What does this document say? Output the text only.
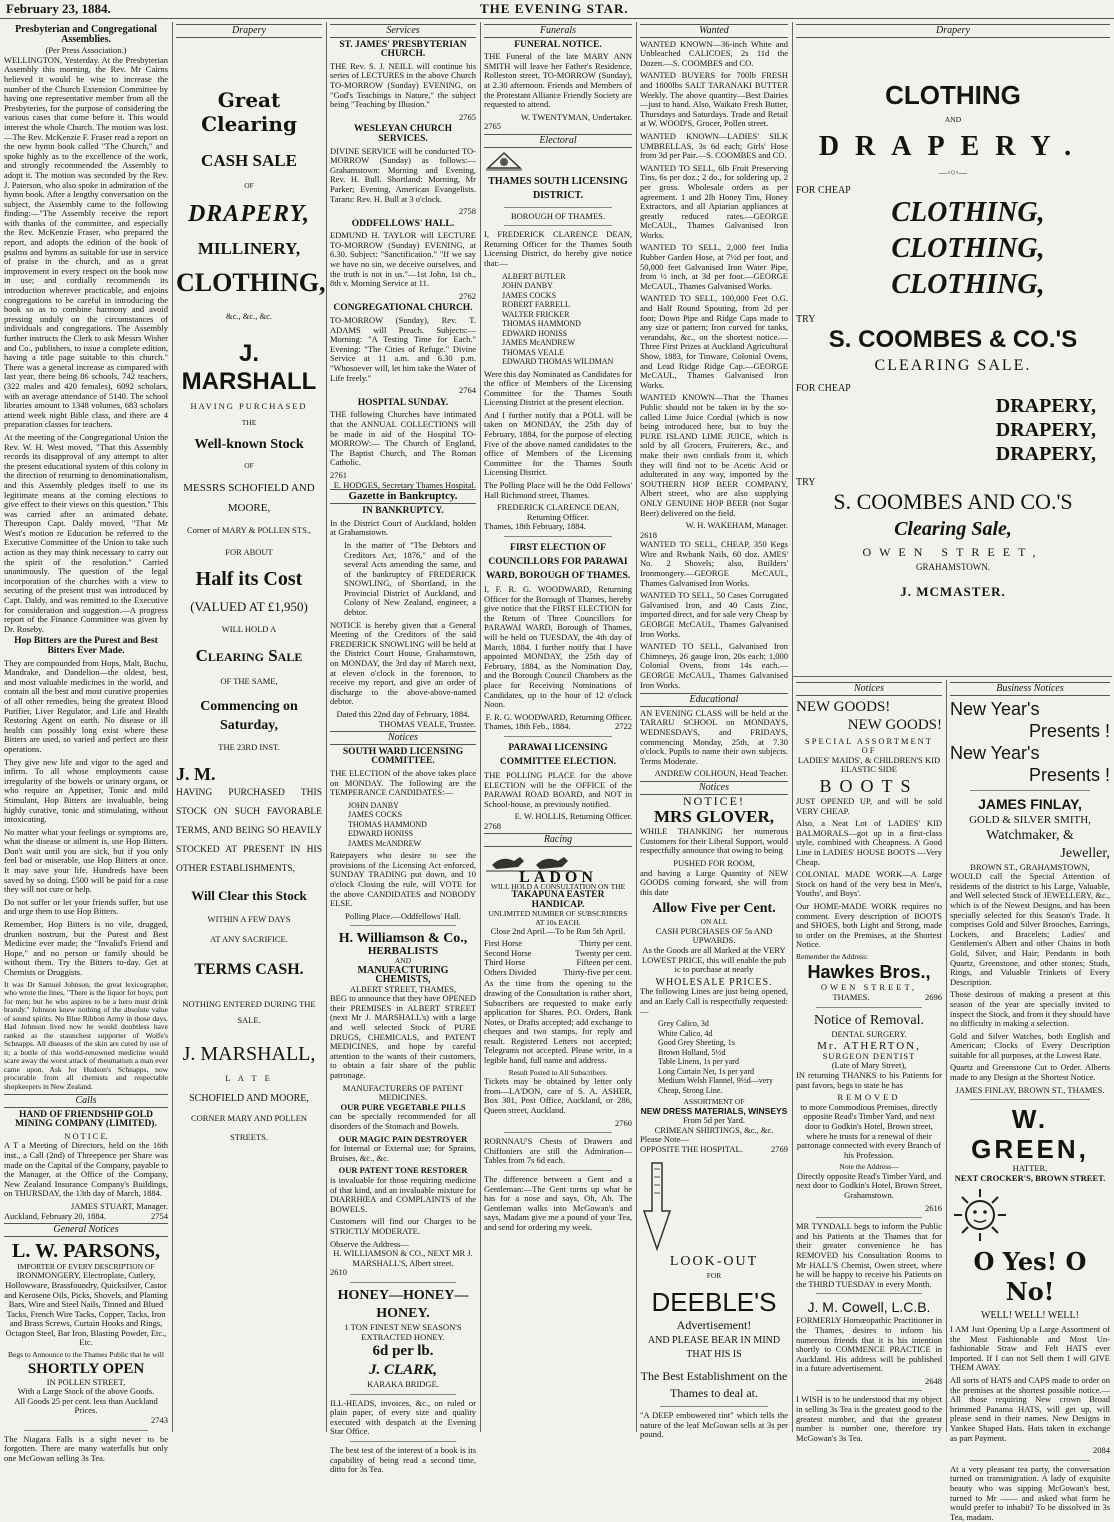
February 23, 1884.	THE EVENING STAR.
Presbyterian and Congregational Assemblies.
(Per Press Association.)

WELLINGTON, Yesterday. At the Presbyterian Assembly this morning, the Rev. Mr Cairns believed it would be wise to increase the number of the Church Extension Committee by having one representative member from all the Presbyteries, for the purpose of considering the various cases that come before it. This would interest the whole Church. The motion was lost.—The Rev. McKenzie F. Fraser read a report on the new hymn book called "The Church," and spoke highly as to the excellence of the work, and strongly recommended the Assembly to adopt it. The motion was seconded by the Rev. J. Paterson, who also spoke in admiration of the hymn book. After a lengthy conversation on the subject, the Assembly came to the following finding:—"The Assembly receive the report with thanks of the committee, and especially the Rev. McKenzie Fraser, who prepared the report, and adopts the edition of the book of psalms and hymns as suitable for use in service of praise in the church, and as a great improvement in every respect on the book now in use; and cordially recommends its introduction wherever practicable, and enjoins congregations to be careful in introducing the book so as to combine harmony and avoid pressing unduly on the circumstances of individuals and congregations. The Assembly further instructs the Clerk to ask Messrs Wisher and Co., publishers, to issue a complete edition, having a title page suitable to this church." There was a general increase as compared with last year, there being 86 schools, 742 teachers, (322 males and 420 females), 6092 scholars, with an average attendance of 5140. The school libraries amount to 1348 volumes, 683 scholars attend week night Bible class, and there are 4 preparation classes for teachers.

At the meeting of the Congregational Union the Rev. W. H. West moved, "That this Assembly records its disapproval of any attempt to alter the present educational system of this colony in the direction of returning to denominationalism, and this Assembly pledges itself to use its legitimate means at the coming elections to give effect to their views on this question." This was carried after an animated debate. Thereupon Capt. Daldy moved, "That Mr West's motion re Education be referred to the Executive Committee of the Union to take such action as they may think necessary to carry out the spirit of the resolution." Carried unanimously. The question of the legal incorporation of the churches with a view to securing of the present trust was introduced by Capt. Daldy, and was remitted to the Executive for consideration and suggestion.—A progress report of the Finance Committee was given by Dr. Roseby.

Hop Bitters are the Purest and Best Bitters Ever Made.

They are compounded from Hops, Malt, Buchu, Mandrake, and Dandelion—the oldest, best, and most valuable medicines in the world, and contain all the best and most curative properties of all other remedies, being the greatest Blood Purifier, Liver Regulator, and Life and Health Restoring Agent on earth. No disease or ill health can possibly long exist where these Bitters are used, so varied and perfect are their operations.

They give new life and vigor to the aged and infirm. To all whose employments cause irregularity of the bowels or urinary organs, or who require an Appetiser, Tonic and mild Stimulant, Hop Bitters are invaluable, being highly curative, tonic and stimulating, without intoxicating.

No matter what your feelings or symptoms are, what the disease or ailment is, use Hop Bitters. Don't wait until you are sick, but if you only feel bad or miserable, use Hop Bitters at once. It may save your life. Hundreds have been saved by so doing. £500 will be paid for a case they will not cure or help.

Do not suffer or let your friends suffer, but use and urge them to use Hop Bitters.

Remember, Hop Bitters is no vile, drugged, drunken nostrum, but the Purest and Best Medicine ever made; the "Invalid's Friend and Hope," and no person or family should be without them. Try the Bitters to-day. Get at Chemists or Druggists.

It was Dr Samuel Johnson, the great lexicographer, who wrote the lines, "There is the liquor for boys; port for men; but he who aspires to be a hero must drink brandy." Johnson knew nothing of the absolute value of sound spirits. No Blue Ribbon Army in those days. Had Johnson lived now he would doubtless have ranked as the staunchest supporter of Wolfe's Schnapps. All diseases of the skin are cured by use of it; a bottle of this world-renowned medicine would scare away the worst attack of rheumatism a man ever came upon. Ask for Hudson's Schnapps, now procurable from all chemists and respectable shopkeepers in New Zealand.

Calls
HAND OF FRIENDSHIP GOLD MINING COMPANY (LIMITED).
N O T I C E.

A T a Meeting of Directors, held on the 16th inst., a Call (2nd) of Threepence per Share was made on the Capital of the Company, payable to the Manager, at the Office of the Company, New Zealand Insurance Company's Buildings, on THURSDAY, the 13th day of March, 1884.

JAMES STUART, Manager.
Auckland, February 20, 1884.	2754
General Notices
L. W. PARSONS,
IMPORTER OF EVERY DESCRIPTION OF

IRONMONGERY, Electroplate, Cutlery, Hollowware, Brassfoundry, Quicksilver, Castor and Kerosene Oils, Picks, Shovels, and Planting Bars, Wire and Steel Nails, Tinned and Blued Tacks, French Wire Tacks, Copper, Tacks, Iron and Brass Screws, Curtain Hooks and Rings, Octagon Steel, Bar Iron, Blasting Powder, Etc., Etc.

Begs to Announce to the Thames Public that he will
SHORTLY OPEN
IN POLLEN STREET,
With a Large Stock of the above Goods.
All Goods 25 per cent. less than Auckland Prices.
2743

The Niagara Falls is a sight never to be forgotten. There are many waterfalls but only one McGowan selling 3s Tea.

Drapery
Great Clearing
CASH SALE
OF
DRAPERY,
MILLINERY,
CLOTHING,
&c., &c., &c.
J. MARSHALL
HAVING PURCHASED
THE
Well-known Stock
OF
MESSRS SCHOFIELD AND MOORE,
Corner of MARY & POLLEN STS.,
FOR ABOUT
Half its Cost
(VALUED AT £1,950)
WILL HOLD A
Clearing Sale
OF THE SAME,
Commencing on Saturday,
THE 23RD INST.
J. M.
HAVING PURCHASED THIS STOCK ON SUCH FAVORABLE TERMS, AND BEING SO HEAVILY STOCKED AT PRESENT IN HIS OTHER ESTABLISHMENTS,
Will Clear this Stock
WITHIN A FEW DAYS
AT ANY SACRIFICE.
TERMS CASH.
NOTHING ENTERED DURING THE SALE.
J. MARSHALL,
L A T E
SCHOFIELD AND MOORE,
CORNER MARY AND POLLEN
STREETS.
Services
ST. JAMES' PRESBYTERIAN CHURCH.

THE Rev. S. J. NEILL will continue his series of LECTURES in the above Church TO-MORROW (Sunday) EVENING, on "God's Teachings in Nature," the subject being "Teaching by Illusion."

2765
WESLEYAN CHURCH SERVICES.

DIVINE SERVICE will be conducted TO-MORROW (Sunday) as follows:—Grahamstown: Morning and Evening, Rev. H. Bull. Shortland: Morning, Mr Parker; Evening, American Evangelists. Tararu: Rev. H. Bull at 3 o'clock.

2758
ODDFELLOWS' HALL.

EDMUND H. TAYLOR will LECTURE TO-MORROW (Sunday) EVENING, at 6.30. Subject: "Sanctification." "If we say we have no sin, we deceive ourselves, and the truth is not in us."—1st John, 1st ch., 8th v. Morning Service at 11.

2762
CONGREGATIONAL CHURCH.

TO-MORROW (Sunday), Rev. T. ADAMS will Preach. Subjects:—Morning: "A Testing Time for Each." Evening: "The Cities of Refuge." Divine Service at 11 a.m. and 6.30 p.m. "Whosoever will, let him take the Water of Life freely."

2764
HOSPITAL SUNDAY.

THE following Churches have intimated that the ANNUAL COLLECTIONS will be made in aid of the Hospital TO-MORROW:— The Church of England, The Baptist Church, and The Roman Catholic.

2761
E. HODGES, Secretary Thames Hospital.
Gazette in Bankruptcy.
IN BANKRUPTCY.

In the District Court of Auckland, holden at Grahamstown.

In the matter of "The Debtors and Creditors Act, 1876," and of the several Acts amending the same, and of the bankruptcy of FREDERICK SNOWLING, of Shortland, in the Provincial District of Auckland, and Colony of New Zealand, engineer, a debtor.

NOTICE is hereby given that a General Meeting of the Creditors of the said FREDERICK SNOWLING will be held at the District Court House, Grahamstown, on MONDAY, the 3rd day of March next, at eleven o'clock in the forenoon, to receive my report, and give an order of discharge to the above-above-named debtor.

Dated this 22nd day of February, 1884.
THOMAS VEALE, Trustee.
Notices
SOUTH WARD LICENSING COMMITTEE.

THE ELECTION of the above takes place on MONDAY. The following are the TEMPERANCE CANDIDATES:—

JOHN DANBY
JAMES COCKS
THOMAS HAMMOND
EDWARD HONISS
JAMES McANDREW

Ratepayers who desire to see the provisions of the Licensing Act enforced, SUNDAY TRADING put down, and 10 o'clock Closing the rule, will VOTE for the above CANDIDATES and NOBODY ELSE.

Polling Place.—Oddfellows' Hall.
H. Williamson & Co.,
HERBALISTS
AND
MANUFACTURING CHEMISTS,
ALBERT STREET, THAMES,

BEG to announce that they have OPENED their PREMISES in ALBERT STREET (next Mr J. MARSHALL's) with a large and well selected Stock of PURE DRUGS, CHEMICALS, and PATENT MEDICINES, and hope by careful attention to the wants of their customers, to obtain a fair share of the public patronage.

MANUFACTURERS OF PATENT MEDICINES.
OUR PURE VEGETABLE PILLS

can be specially recommended for all disorders of the Stomach and Bowels.

OUR MAGIC PAIN DESTROYER

for Internal or External use; for Sprains, Bruises, &c., &c.

OUR PATENT TONE RESTORER

is invaluable for those requiring medicine of that kind, and an invaluable mixture for DIARRHŒA and COMPLAINTS of the BOWELS.

Customers will find our Charges to be STRICTLY MODERATE.

Observe the Address—
H. WILLIAMSON & CO., NEXT MR J. MARSHALL'S, Albert street.
2610
HONEY—HONEY—HONEY.
1 TON FINEST NEW SEASON'S EXTRACTED HONEY.
6d per lb.
J. CLARK,
KARAKA BRIDGE.

ILL-HEADS, invoices, &c., on ruled or plain paper, of every size and quality executed with despatch at the Evening Star Office.

The best test of the interest of a book is its capability of being read a second time, ditto for 3s Tea.

Funerals
FUNERAL NOTICE.

THE Funeral of the late MARY ANN SMITH will leave her Father's Residence, Rolleston street, TO-MORROW (Sunday), at 2.30 afternoon. Friends and Members of the Protestant Alliance Friendly Society are requested to attend.

W. TWENTYMAN, Undertaker.
2765
Electoral
THAMES SOUTH LICENSING DISTRICT.
BOROUGH OF THAMES.

I, FREDERICK CLARENCE DEAN, Returning Officer for the Thames South Licensing District, do hereby give notice that:—

ALBERT BUTLER
JOHN DANBY
JAMES COCKS
ROBERT FARRELL
WALTER FRICKER
THOMAS HAMMOND
EDWARD HONISS
JAMES McANDREW
THOMAS VEALE
EDWARD THOMAS WILDMAN

Were this day Nominated as Candidates for the office of Members of the Licensing Committee for the Thames South Licensing District at the present election.

And I further notify that a POLL will be taken on MONDAY, the 25th day of February, 1884, for the purpose of electing Five of the above named candidates to the office of Members of the Licensing Committee for the Thames South Licensing District.

The Polling Place will be the Odd Fellows' Hall Richmond street, Thames.

FREDERICK CLARENCE DEAN, Returning Officer.
Thames, 18th February, 1884.
FIRST ELECTION OF COUNCILLORS FOR PARAWAI WARD, BOROUGH OF THAMES.

I, F. R. G. WOODWARD, Returning Officer for the Borough of Thames, hereby give notice that the FIRST ELECTION for the Return of Three Councillors for PARAWAI WARD, Borough of Thames, will be held on TUESDAY, the 4th day of March, 1884. I further notify that I have appointed MONDAY, the 25th day of February, 1884, as the Nomination Day, and the Borough Council Chambers as the place for Receiving Nominations of Candidates, up to the hour of 12 o'clock Noon.

F. R. G. WOODWARD, Returning Officer.
Thames, 18th Feb., 1884.	2722
PARAWAI LICENSING COMMITTEE ELECTION.

THE POLLING PLACE for the above ELECTION will be the OFFICE of the PARAWAI ROAD BOARD, and NOT in School-house, as previously notified.

E. W. HOLLIS, Returning Officer.
2768
Racing
LADON
WILL HOLD A CONSULTATION ON THE
TAKAPUNA EASTER HANDICAP.
UNLIMITED NUMBER OF SUBSCRIBERS AT 10s EACH.
Close 2nd April.—To be Run 5th April.
First Horse	Thirty per cent.
Second Horse	Twenty per cent.
Third Horse	Fifteen per cent.
Others Divided	Thirty-five per cent.

As the time from the opening to the drawing of the Consultation is rather short, Subscribers are requested to make early application for Shares. P.O. Orders, Bank Notes, or Drafts accepted; add exchange to cheques and two stamps, for reply and result. Registered Letters not accepted; Telegrams not accepted. Please write, in a legible hand, full name and address.

Result Posted to All Subscribers.

Tickets may be obtained by letter only from—LA'DON, care of S. A. ASHER, Box 301, Post Office, Auckland, or 286, Queen street, Auckland.

2760

RORNNAU'S Chests of Drawers and Chiffoniers are still the Admiration—Tables from 7s 6d each.

The difference between a Gent and a Gentleman:—The Gent turns up what he has for a nose and says, Oh, Ah. The Gentleman walks into McGowan's and says, Madam give me a pound of your Tea, and send for ordering my week.

Wanted

WANTED KNOWN—36-inch White and Unbleached CALICOES, 2s 11d the Dozen.—S. COOMBES and CO.

WANTED BUYERS for 700lb FRESH and 1800lbs SALT TARANAKI BUTTER Weekly. The above quantity—Best Dairies—just to hand. Also, Waikato Fresh Butter, Thursdays and Saturdays. Trade and Retail at W. WOOD'S, Grocer, Pollen street.

WANTED KNOWN—LADIES' SILK UMBRELLAS, 3s 6d each; Girls' Hose from 3d per Pair.—S. COOMBES and CO.

WANTED TO SELL, 6lb Fruit Preserving Tins, 6s per doz.; 2 do., for soldering up, 2 per gross. Wholesale orders as per agreement. 1 and 2lb Honey Tins, Honey Extractors, and all Apiarian appliances at greatly reduced rates.—GEORGE McCAUL, Thames Galvanised Iron Works.

WANTED TO SELL, 2,000 feet India Rubber Garden Hose, at 7½d per foot, and 50,000 feet Galvanised Iron Water Pipe, from ½ inch, at 3d per foot.—GEORGE McCAUL, Thames Galvanised Works.

WANTED TO SELL, 100,000 Feet O.G. and Half Round Spouting, from 2d per foot; Down Pipe and Ridge Caps made to any size or pattern; Iron curved for tanks, verandahs, &c., on the shortest notice.—Three First Prizes at Auckland Agricultural Show, 1883, for Tinware, Colonial Ovens, and Lead Ridge Ridge Cap.—GEORGE McCAUL, Thames Galvanised Iron Works.

WANTED KNOWN—That the Thames Public should not be taken in by the so-called Lime Juice Cordial (which is now being introduced here, but to buy the PURE ISLAND LIME JUICE, which is sold by all Grocers, Fruiterers, &c., and make their own cordials from it, which they will find not to be Acetic Acid or adulterated in any way, imported by the SOUTHERN HOP BEER COMPANY, Albert street, who are also supplying ONLY GENUINE HOP BEER (not Sugar Beer) delivered on the field.

W. H. WAKEHAM, Manager.
2618

WANTED TO SELL, CHEAP, 350 Kegs Wire and Rwbank Nails, 60 doz. AMES' No. 2 Shovels; also, Builders' Ironmongery.—GEORGE McCAUL, Thames Galvanised Iron Works.

WANTED TO SELL, 50 Cases Corrugated Galvanised Iron, and 40 Casts Zinc, imported direct, and for sale very Cheap by GEORGE McCAUL, Thames Galvanised Iron Works.

WANTED TO SELL, Galvanised Iron Chimneys, 26 gauge Iron, 20s each; 1,000 Colonial Ovens, from 14s each.—GEORGE McCAUL, Thames Galvanised Iron Works.

Educational

AN EVENING CLASS will be held at the TARARU SCHOOL on MONDAYS, WEDNESDAYS, and FRIDAYS, commencing Monday, 25th, at 7.30 o'clock. Pupils to name their own subjects. Terms Moderate.

ANDREW COLHOUN, Head Teacher.
Notices
NOTICE!
MRS GLOVER,

WHILE THANKING her numerous Customers for their Liberal Support, would respectfully announce that owing to being

PUSHED FOR ROOM,

and having a Large Quantity of NEW GOODS coming forward, she will from this date

Allow Five per Cent.
ON ALL
CASH PURCHASES OF 5s AND UPWARDS.

As the Goods are all Marked at the VERY LOWEST PRICE, this will enable the pub ic to purchase at nearly

WHOLESALE PRICES.

The following Lines are just being opened, and an Early Call is respectfully requested:—

Grey Calico, 3d
White Calico, 4d
Good Grey Sheeting, 1s
Brown Holland, 5½d
Table Linens, 1s per yard
Long Curtain Net, 1s per yard
Medium Welsh Flannel, 9½d—very Cheap, Strong Line.
ASSORTMENT OF
NEW DRESS MATERIALS, WINSEYS
From 5d per Yard.
CRIMEAN SHIRTINGS, &c., &c.
Please Note—
OPPOSITE THE HOSPITAL.	2769
LOOK-OUT
FOR
DEEBLE'S
Advertisement!
AND PLEASE BEAR IN MIND THAT HIS IS
The Best Establishment on the Thames to deal at.

"A DEEP embowered tint" which tells the nature of the leaf McGowan sells at 3s per pound.

Drapery
CLOTHING
AND
DRAPERY.
—◦○◦—
FOR CHEAP
CLOTHING,
CLOTHING,
CLOTHING,
TRY
S. COOMBES & CO.'S
CLEARING SALE.
FOR CHEAP
DRAPERY,
DRAPERY,
DRAPERY,
TRY
S. COOMBES AND CO.'S
Clearing Sale,
OWEN STREET,
GRAHAMSTOWN.
J. MCMASTER.
Notices
NEW GOODS!
NEW GOODS!
SPECIAL ASSORTMENT OF
LADIES' MAIDS', & CHILDREN'S KID ELASTIC SIDE
BOOTS

JUST OPENED UP, and will be sold VERY CHEAP.

Also, a Neat Lot of LADIES' KID BALMORALS—got up in a first-class style, combined with Cheapness. A Good Line in LADIES' HOUSE BOOTS —Very Cheap.

COLONIAL MADE WORK—A Large Stock on hand of the very best in Men's, Youths', and Boys'.

Our HOME-MADE WORK requires no comment. Every description of BOOTS and SHOES, both Light and Strong, made to order on the Premises, at the Shortest Notice.

Remember the Address:
Hawkes Bros.,
OWEN STREET,
THAMES.	2696
Notice of Removal.
DENTAL SURGERY.
Mr. ATHERTON,
SURGEON DENTIST
(Late of Mary Street),

IN returning THANKS to his Patients for past favors, begs to state he has

REMOVED

to more Commodious Premises, directly opposite Read's Timber Yard, and next door to Godkin's Hotel, Brown street, where he trusts for a renewal of their patronage connected with every Branch of his Profession.

Note the Address—

Directly opposite Read's Timber Yard, and next door to Godkin's Hotel, Brown Street, Grahamstown.

2616

MR TYNDALL begs to inform the Public and his Patients at the Thames that for their greater convenience he has REMOVED his Consultation Rooms to Mr HALL'S Chemist, Owen street, where he will be happy to receive his Patients on the THIRD TUESDAY in every Month.

J. M. Cowell, L.C.B.

FORMERLY Homœopathic Practitioner in the Thames, desires to inform his numerous friends that it is his intention shortly to COMMENCE PRACTICE in Auckland. His address will be published in a future advertisement.

2648

I WISH is to be understood that my object in selling 3s Tea is the greatest good to the greatest number, and that the greatest number is number one, therefore try McGowan's 3s Tea.

Business Notices
New Year's
Presents !
New Year's
Presents !
JAMES FINLAY,
GOLD & SILVER SMITH,
Watchmaker, &
Jeweller,
BROWN ST., GRAHAMSTOWN,

WOULD call the Special Attention of residents of the district to his Large, Valuable, and Well selected Stock of JEWELLERY, &c., which is of the Newest Designs, and has been specially selected for this Season's Trade. It comprises Gold and Silver Brooches, Earrings, Lockets, and Bracelets; Ladies' and Gentlemen's Albert and other Chains in both Gold, Silver, and Hair; Pendants in both Quartz, Greenstone, and other stones; Studs, Rings, and Valuable Trinkets of Every Description.

Those desirous of making a present at this season of the year are specially invited to inspect the Stock, and from it they should have no difficulty in making a selection.

Gold and Silver Watches, both English and American; Clocks of Every Description suitable for all purposes, at the Lowest Rate.

Quartz and Greenstone Cut to Order. Alberts made to any Design at the Shortest Notice.

JAMES FINLAY, BROWN ST., THAMES.
W. GREEN,
HATTER,
NEXT CROCKER'S, BROWN STREET.
O Yes! O No!
WELL! WELL! WELL!

I AM Just Opening Up a Large Assortment of the Most Fashionable and Most Un-fashionable Straw and Felt HATS ever Imported. If I can not Sell them I will GIVE THEM AWAY.

All sorts of HATS and CAPS made to order on the premises at the shortest possible notice.—All those requiring New crown Broad brimmed Panama HATS, will get up, will please send in their names. New Designs in Yankee Shaped Hats. Hats taken in exchange as part Payment.

2084

At a very pleasant tea party, the conversation turned on transmigration. A lady of exquisite beauty who was sipping McGowan's best, turned to Mr —— and asked what form he would prefer to inhabit? To be dissolved in 3s Tea, madam.
